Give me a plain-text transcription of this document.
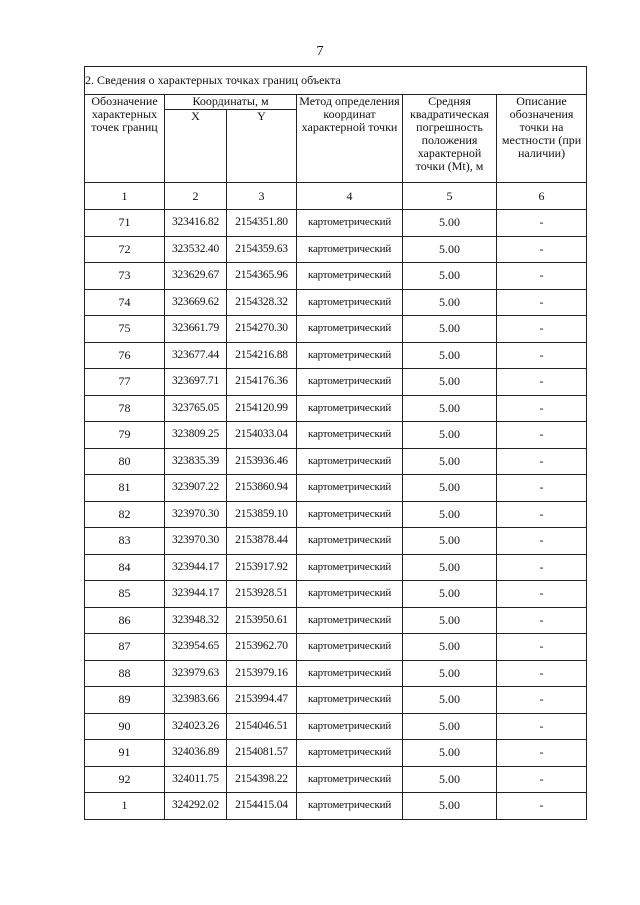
7
2. Сведения о характерных точках границ объекта					
Обозначение характерных точек границ	Координаты, м		Метод определения координат характерной точки	Средняя квадратическая погрешность положения характерной точки (Mt), м	Описание обозначения точки на местности (при наличии)
	X	Y			
1	2	3	4	5	6
71	323416.82	2154351.80	картометрический	5.00	-
72	323532.40	2154359.63	картометрический	5.00	-
73	323629.67	2154365.96	картометрический	5.00	-
74	323669.62	2154328.32	картометрический	5.00	-
75	323661.79	2154270.30	картометрический	5.00	-
76	323677.44	2154216.88	картометрический	5.00	-
77	323697.71	2154176.36	картометрический	5.00	-
78	323765.05	2154120.99	картометрический	5.00	-
79	323809.25	2154033.04	картометрический	5.00	-
80	323835.39	2153936.46	картометрический	5.00	-
81	323907.22	2153860.94	картометрический	5.00	-
82	323970.30	2153859.10	картометрический	5.00	-
83	323970.30	2153878.44	картометрический	5.00	-
84	323944.17	2153917.92	картометрический	5.00	-
85	323944.17	2153928.51	картометрический	5.00	-
86	323948.32	2153950.61	картометрический	5.00	-
87	323954.65	2153962.70	картометрический	5.00	-
88	323979.63	2153979.16	картометрический	5.00	-
89	323983.66	2153994.47	картометрический	5.00	-
90	324023.26	2154046.51	картометрический	5.00	-
91	324036.89	2154081.57	картометрический	5.00	-
92	324011.75	2154398.22	картометрический	5.00	-
1	324292.02	2154415.04	картометрический	5.00	-
